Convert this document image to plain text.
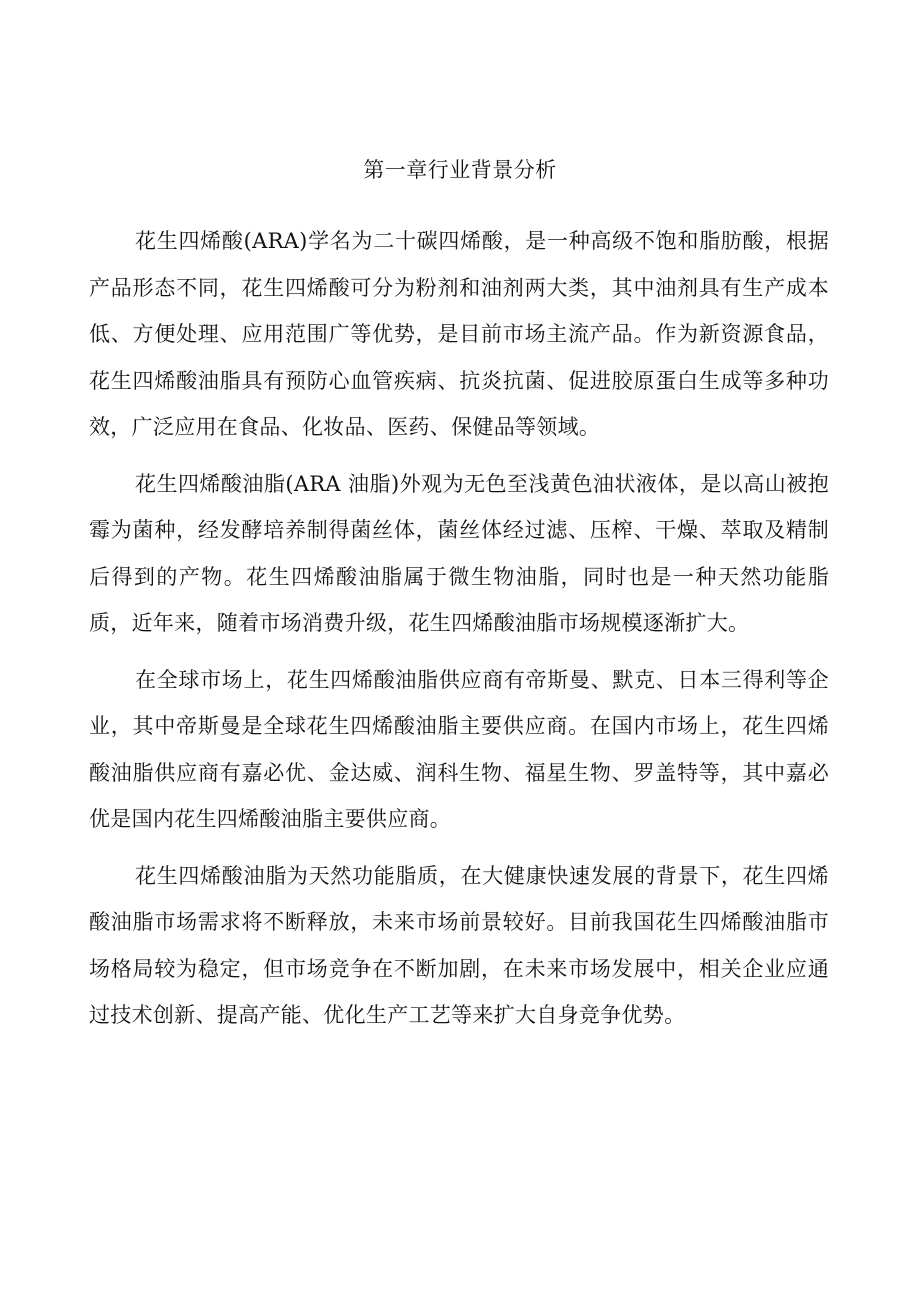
第一章行业背景分析

花生四烯酸(ARA)学名为二十碳四烯酸，是一种高级不饱和脂肪酸，根据产品形态不同，花生四烯酸可分为粉剂和油剂两大类，其中油剂具有生产成本低、方便处理、应用范围广等优势，是目前市场主流产品。作为新资源食品，花生四烯酸油脂具有预防心血管疾病、抗炎抗菌、促进胶原蛋白生成等多种功效，广泛应用在食品、化妆品、医药、保健品等领域。

花生四烯酸油脂(ARA 油脂)外观为无色至浅黄色油状液体，是以高山被抱霉为菌种，经发酵培养制得菌丝体，菌丝体经过滤、压榨、干燥、萃取及精制后得到的产物。花生四烯酸油脂属于微生物油脂，同时也是一种天然功能脂质，近年来，随着市场消费升级，花生四烯酸油脂市场规模逐渐扩大。

在全球市场上，花生四烯酸油脂供应商有帝斯曼、默克、日本三得利等企业，其中帝斯曼是全球花生四烯酸油脂主要供应商。在国内市场上，花生四烯酸油脂供应商有嘉必优、金达威、润科生物、福星生物、罗盖特等，其中嘉必优是国内花生四烯酸油脂主要供应商。

花生四烯酸油脂为天然功能脂质，在大健康快速发展的背景下，花生四烯酸油脂市场需求将不断释放，未来市场前景较好。目前我国花生四烯酸油脂市场格局较为稳定，但市场竞争在不断加剧，在未来市场发展中，相关企业应通过技术创新、提高产能、优化生产工艺等来扩大自身竞争优势。
